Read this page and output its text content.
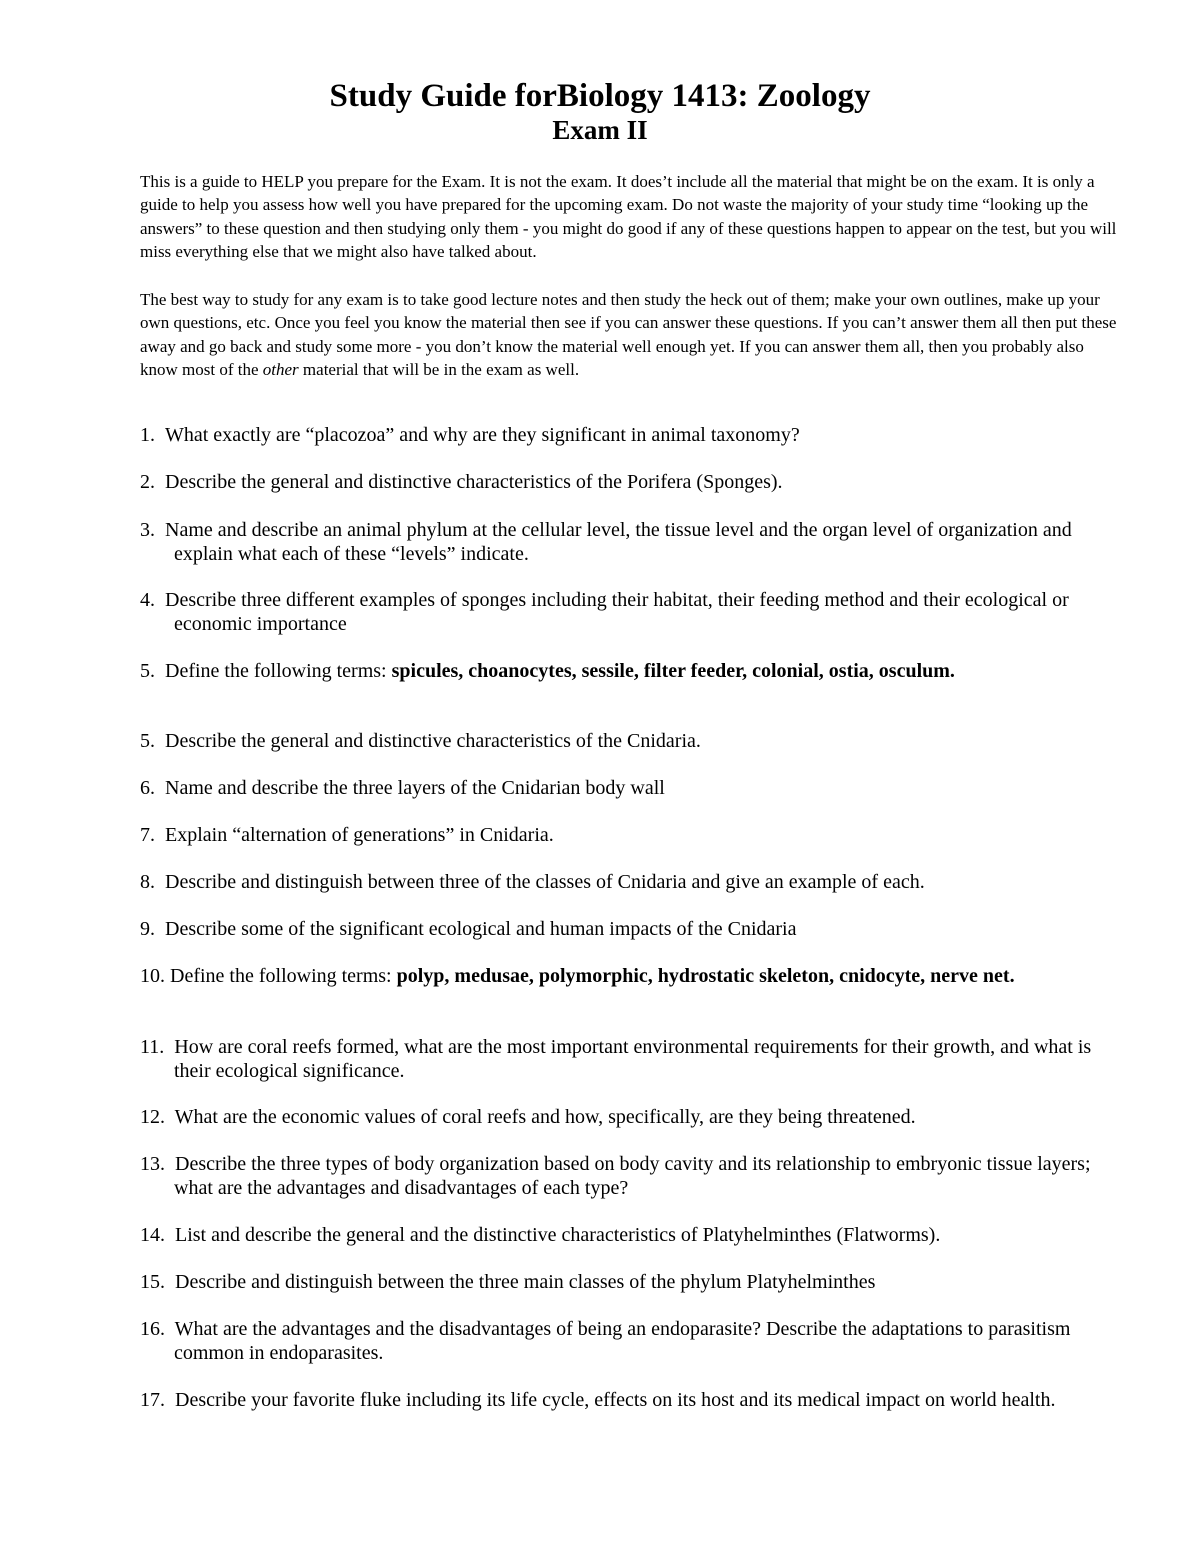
Study Guide forBiology 1413: Zoology
Exam II

This is a guide to HELP you prepare for the Exam. It is not the exam. It does’t include all the material that might be on the exam. It is only a guide to help you assess how well you have prepared for the upcoming exam. Do not waste the majority of your study time “looking up the answers” to these question and then studying only them - you might do good if any of these questions happen to appear on the test, but you will miss everything else that we might also have talked about.

The best way to study for any exam is to take good lecture notes and then study the heck out of them; make your own outlines, make up your own questions, etc. Once you feel you know the material then see if you can answer these questions. If you can’t answer them all then put these away and go back and study some more - you don’t know the material well enough yet. If you can answer them all, then you probably also know most of the other material that will be in the exam as well.

1. What exactly are “placozoa” and why are they significant in animal taxonomy?
2. Describe the general and distinctive characteristics of the Porifera (Sponges).
3. Name and describe an animal phylum at the cellular level, the tissue level and the organ level of organization and explain what each of these “levels” indicate.
4. Describe three different examples of sponges including their habitat, their feeding method and their ecological or economic importance
5. Define the following terms: spicules, choanocytes, sessile, filter feeder, colonial, ostia, osculum.
5. Describe the general and distinctive characteristics of the Cnidaria.
6. Name and describe the three layers of the Cnidarian body wall
7. Explain “alternation of generations” in Cnidaria.
8. Describe and distinguish between three of the classes of Cnidaria and give an example of each.
9. Describe some of the significant ecological and human impacts of the Cnidaria
10. Define the following terms: polyp, medusae, polymorphic, hydrostatic skeleton, cnidocyte, nerve net.
11.  How are coral reefs formed, what are the most important environmental requirements for their growth, and what is their ecological significance.
12.  What are the economic values of coral reefs and how, specifically, are they being threatened.
13.  Describe the three types of body organization based on body cavity and its relationship to embryonic tissue layers; what are the advantages and disadvantages of each type?
14.  List and describe the general and the distinctive characteristics of Platyhelminthes (Flatworms).
15.  Describe and distinguish between the three main classes of the phylum Platyhelminthes
16.  What are the advantages and the disadvantages of being an endoparasite? Describe the adaptations to parasitism common in endoparasites.
17.  Describe your favorite fluke including its life cycle, effects on its host and its medical impact on world health.
